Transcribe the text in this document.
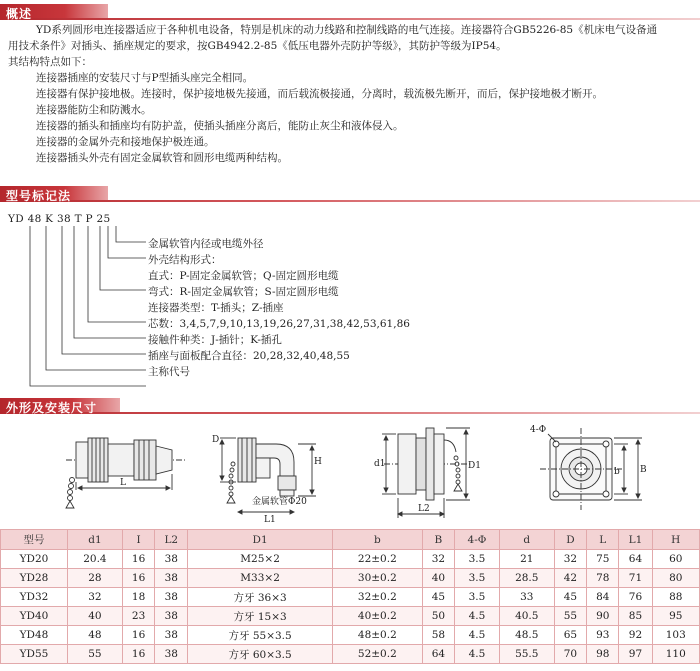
概述
YD系列圆形电连接器适应于各种机电设备，特别是机床的动力线路和控制线路的电气连接。连接器符合GB5226-85《机床电气设备通
用技术条件》对插头、插座规定的要求，按GB4942.2-85《低压电器外壳防护等级》，其防护等级为IP54。
其结构特点如下：
连接器插座的安装尺寸与P型插头座完全相同。
连接器有保护接地极。连接时，保护接地极先接通，而后载流极接通，分离时，载流极先断开，而后，保护接地极才断开。
连接器能防尘和防溅水。
连接器的插头和插座均有防护盖，使插头插座分离后，能防止灰尘和液体侵入。
连接器的金属外壳和接地保护极连通。
连接器插头外壳有固定金属软管和圆形电缆两种结构。
型号标记法
YD 48 K 38 T P 25
金属软管内径或电缆外径
外壳结构形式：
直式：P-固定金属软管；Q-固定圆形电缆
弯式：R-固定金属软管；S-固定圆形电缆
连接器类型：T-插头；Z-插座
芯数：3,4,5,7,9,10,13,19,26,27,31,38,42,53,61,86
接触件种类：J-插针；K-插孔
插座与面板配合直径：20,28,32,40,48,55
主称代号
外形及安装尺寸
L
D
H
L1
金属软管Φ20
d1	D1
L2
4-Φ
b B
型号	d1	I	L2	D1	b	B	4-Φ	d	D	L	L1	H
YD20	20.4	16	38	M25×2	22±0.2	32	3.5	21	32	75	64	60
YD28	28	16	38	M33×2	30±0.2	40	3.5	28.5	42	78	71	80
YD32	32	18	38	方牙 36×3	32±0.2	45	3.5	33	45	84	76	88
YD40	40	23	38	方牙 15×3	40±0.2	50	4.5	40.5	55	90	85	95
YD48	48	16	38	方牙 55×3.5	48±0.2	58	4.5	48.5	65	93	92	103
YD55	55	16	38	方牙 60×3.5	52±0.2	64	4.5	55.5	70	98	97	110
